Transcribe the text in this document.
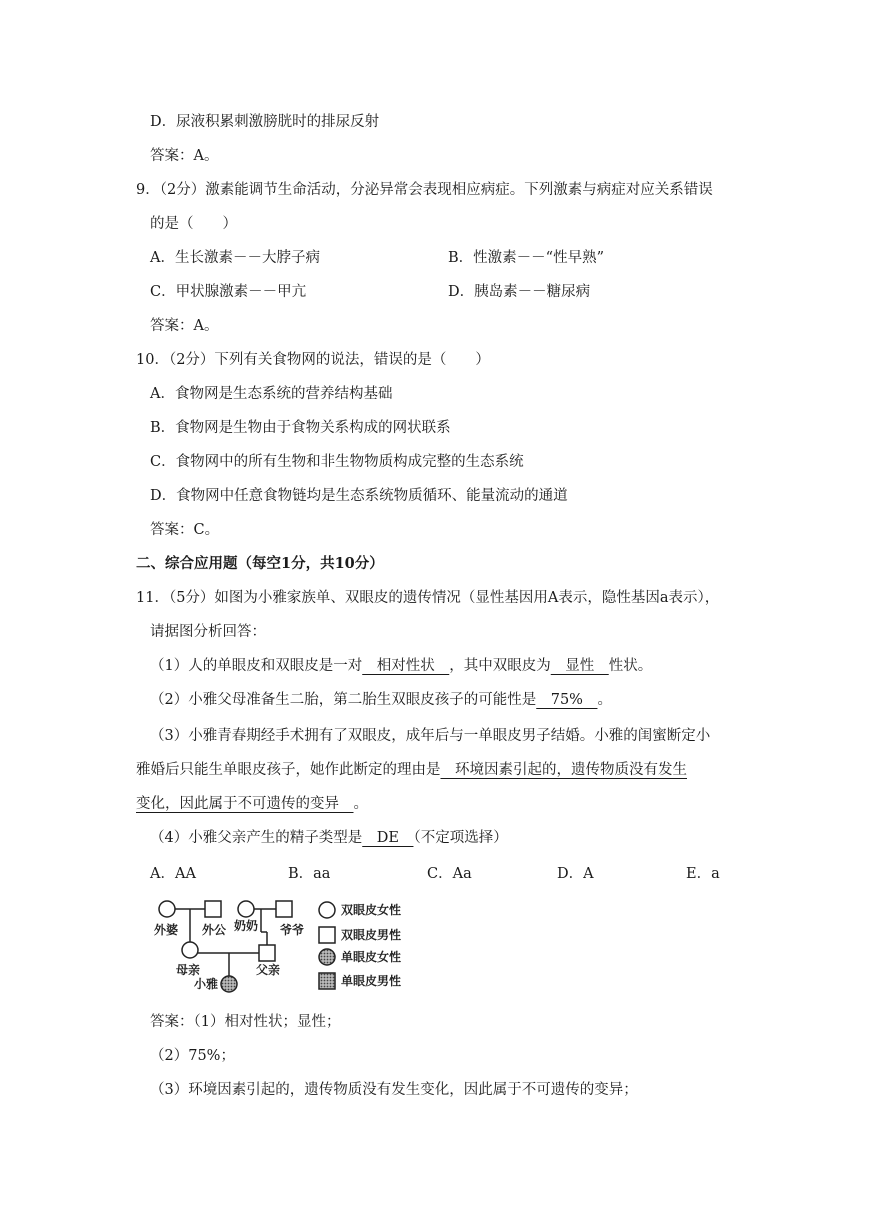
D．尿液积累刺激膀胱时的排尿反射
答案：A。
9．（2分）激素能调节生命活动，分泌异常会表现相应病症。下列激素与病症对应关系错误
的是（　　）
A．生长激素－－大脖子病	B．性激素－－“性早熟”
C．甲状腺激素－－甲亢	D．胰岛素－－糖尿病
答案：A。
10．（2分）下列有关食物网的说法，错误的是（　　）
A．食物网是生态系统的营养结构基础
B．食物网是生物由于食物关系构成的网状联系
C．食物网中的所有生物和非生物物质构成完整的生态系统
D．食物网中任意食物链均是生态系统物质循环、能量流动的通道
答案：C。
二、综合应用题（每空1分，共10分）
11．（5分）如图为小雅家族单、双眼皮的遗传情况（显性基因用A表示，隐性基因a表示），
请据图分析回答：
（1）人的单眼皮和双眼皮是一对　相对性状　，其中双眼皮为　显性　性状。
（2）小雅父母准备生二胎，第二胎生双眼皮孩子的可能性是　75%　。
（3）小雅青春期经手术拥有了双眼皮，成年后与一单眼皮男子结婚。小雅的闺蜜断定小
雅婚后只能生单眼皮孩子，她作此断定的理由是　环境因素引起的，遗传物质没有发生
变化，因此属于不可遗传的变异　。
（4）小雅父亲产生的精子类型是　DE　（不定项选择）
A．AA	B．aa	C．Aa	D．A	E．a
外婆 外公 奶奶 爷爷
母亲	父亲
小雅
双眼皮女性
双眼皮男性
单眼皮女性
单眼皮男性
答案：（1）相对性状；显性；
（2）75%；
（3）环境因素引起的，遗传物质没有发生变化，因此属于不可遗传的变异；
